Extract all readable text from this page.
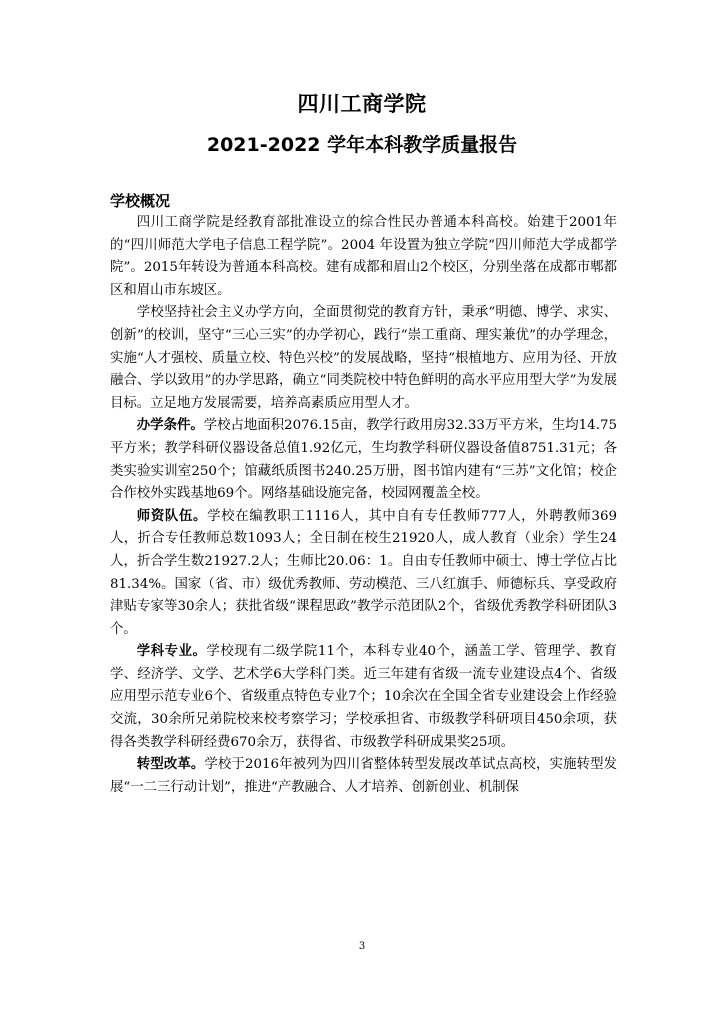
四川工商学院
2021-2022 学年本科教学质量报告
学校概况

四川工商学院是经教育部批准设立的综合性民办普通本科高校。始建于2001年的“四川师范大学电子信息工程学院”。2004 年设置为独立学院“四川师范大学成都学院”。2015年转设为普通本科高校。建有成都和眉山2个校区，分别坐落在成都市郫都区和眉山市东坡区。

学校坚持社会主义办学方向，全面贯彻党的教育方针，秉承“明德、博学、求实、创新”的校训，坚守“三心三实”的办学初心，践行“崇工重商、理实兼优”的办学理念，实施“人才强校、质量立校、特色兴校”的发展战略，坚持“根植地方、应用为径、开放融合、学以致用”的办学思路，确立“同类院校中特色鲜明的高水平应用型大学”为发展目标。立足地方发展需要，培养高素质应用型人才。

办学条件。学校占地面积2076.15亩，教学行政用房32.33万平方米，生均14.75平方米；教学科研仪器设备总值1.92亿元，生均教学科研仪器设备值8751.31元；各类实验实训室250个；馆藏纸质图书240.25万册，图书馆内建有“三苏”文化馆；校企合作校外实践基地69个。网络基础设施完备，校园网覆盖全校。

师资队伍。学校在编教职工1116人，其中自有专任教师777人，外聘教师369人，折合专任教师总数1093人；全日制在校生21920人，成人教育（业余）学生24人，折合学生数21927.2人；生师比20.06：1。自由专任教师中硕士、博士学位占比81.34%。国家（省、市）级优秀教师、劳动模范、三八红旗手、师德标兵、享受政府津贴专家等30余人；获批省级“课程思政”教学示范团队2个，省级优秀教学科研团队3个。

学科专业。学校现有二级学院11个，本科专业40个，涵盖工学、管理学、教育学、经济学、文学、艺术学6大学科门类。近三年建有省级一流专业建设点4个、省级应用型示范专业6个、省级重点特色专业7个；10余次在全国全省专业建设会上作经验交流，30余所兄弟院校来校考察学习；学校承担省、市级教学科研项目450余项，获得各类教学科研经费670余万，获得省、市级教学科研成果奖25项。

转型改革。学校于2016年被列为四川省整体转型发展改革试点高校，实施转型发展“一二三行动计划”，推进“产教融合、人才培养、创新创业、机制保

3
